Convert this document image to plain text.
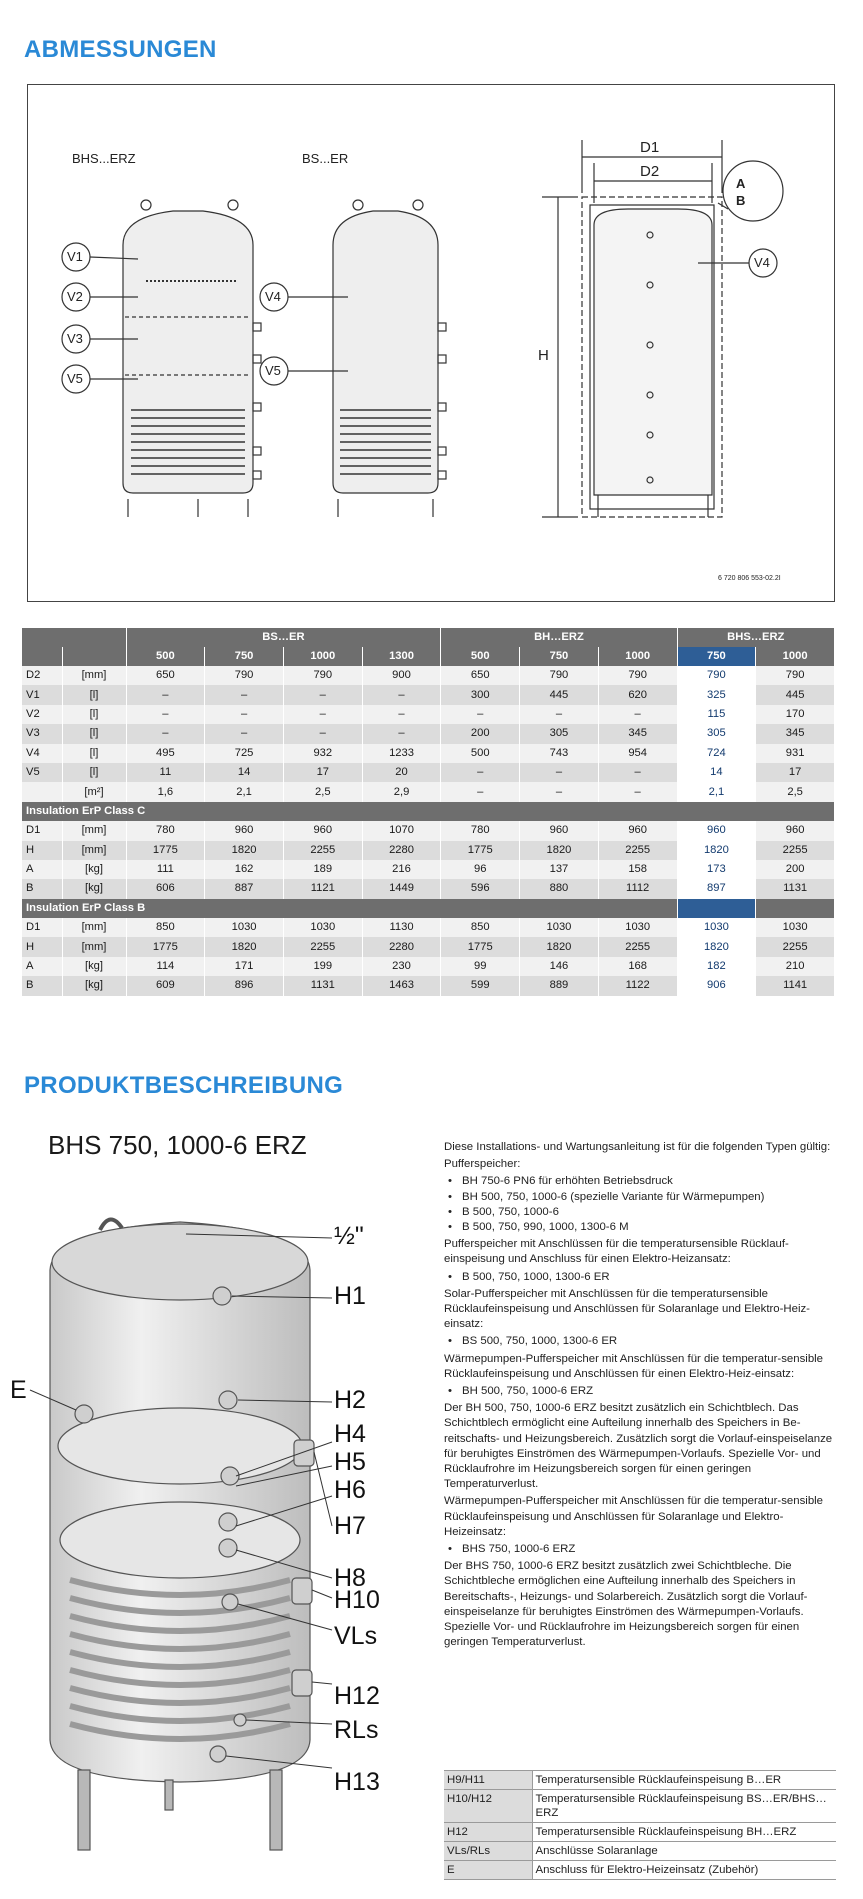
ABMESSUNGEN
BHS...ERZ	BS...ER
V1
V2
V3
V5
V4
V5
V4
D1
D2
H
A
B
6 720 806 553-02.2I
		BS…ER				BH…ERZ			BHS…ERZ	
		500	750	1000	1300	500	750	1000	750	1000
D2	[mm]	650	790	790	900	650	790	790	790	790
V1	[l]	–	–	–	–	300	445	620	325	445
V2	[l]	–	–	–	–	–	–	–	115	170
V3	[l]	–	–	–	–	200	305	345	305	345
V4	[l]	495	725	932	1233	500	743	954	724	931
V5	[l]	11	14	17	20	–	–	–	14	17
	[m²]	1,6	2,1	2,5	2,9	–	–	–	2,1	2,5
Insulation ErP Class C										
D1	[mm]	780	960	960	1070	780	960	960	960	960
H	[mm]	1775	1820	2255	2280	1775	1820	2255	1820	2255
A	[kg]	111	162	189	216	96	137	158	173	200
B	[kg]	606	887	1121	1449	596	880	1112	897	1131
Insulation ErP Class B										
D1	[mm]	850	1030	1030	1130	850	1030	1030	1030	1030
H	[mm]	1775	1820	2255	2280	1775	1820	2255	1820	2255
A	[kg]	114	171	199	230	99	146	168	182	210
B	[kg]	609	896	1131	1463	599	889	1122	906	1141
PRODUKTBESCHREIBUNG
BHS 750, 1000-6 ERZ
½"
H1
H2
E
H4
H5
H6
H7
H8
H10
VLs
H12
RLs
H13

Diese Installations- und Wartungsanleitung ist für die folgenden Typen gültig:

Pufferspeicher:

• BH 750-6 PN6 für erhöhten Betriebsdruck
• BH 500, 750, 1000-6 (spezielle Variante für Wärmepumpen)
• B 500, 750, 1000-6
• B 500, 750, 990, 1000, 1300-6 M

Pufferspeicher mit Anschlüssen für die temperatursensible Rücklauf-einspeisung und Anschluss für einen Elektro-Heizansatz:

• B 500, 750, 1000, 1300-6 ER

Solar-Pufferspeicher mit Anschlüssen für die temperatursensible Rücklaufeinspeisung und Anschlüssen für Solaranlage und Elektro-Heiz-einsatz:

• BS 500, 750, 1000, 1300-6 ER

Wärmepumpen-Pufferspeicher mit Anschlüssen für die temperatur-sensible Rücklaufeinspeisung und Anschlüssen für einen Elektro-Heiz-einsatz:

• BH 500, 750, 1000-6 ERZ

Der BH 500, 750, 1000-6 ERZ besitzt zusätzlich ein Schichtblech. Das Schichtblech ermöglicht eine Aufteilung innerhalb des Speichers in Be-reitschafts- und Heizungsbereich. Zusätzlich sorgt die Vorlauf-einspeiselanze für beruhigtes Einströmen des Wärmepumpen-Vorlaufs. Spezielle Vor- und Rücklaufrohre im Heizungsbereich sorgen für einen geringen Temperaturverlust.

Wärmepumpen-Pufferspeicher mit Anschlüssen für die temperatur-sensible Rücklaufeinspeisung und Anschlüssen für Solaranlage und Elektro-Heizeinsatz:

• BHS 750, 1000-6 ERZ

Der BHS 750, 1000-6 ERZ besitzt zusätzlich zwei Schichtbleche. Die Schichtbleche ermöglichen eine Aufteilung innerhalb des Speichers in Bereitschafts-, Heizungs- und Solarbereich. Zusätzlich sorgt die Vorlauf-einspeiselanze für beruhigtes Einströmen des Wärmepumpen-Vorlaufs. Spezielle Vor- und Rücklaufrohre im Heizungsbereich sorgen für einen geringen Temperaturverlust.

H9/H11	Temperatursensible Rücklaufeinspeisung B…ER
H10/H12	Temperatursensible Rücklaufeinspeisung BS…ER/BHS…ERZ
H12	Temperatursensible Rücklaufeinspeisung BH…ERZ
VLs/RLs	Anschlüsse Solaranlage
E	Anschluss für Elektro-Heizeinsatz (Zubehör)
